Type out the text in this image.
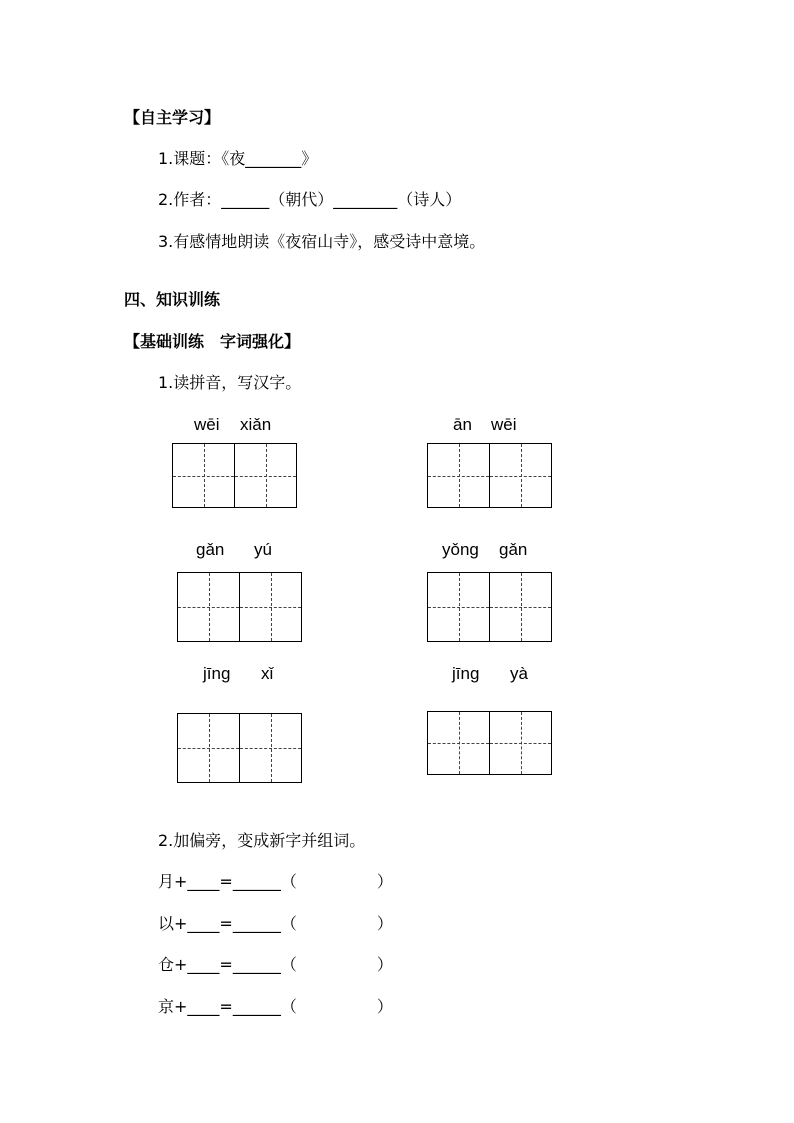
【自主学习】
1.课题：《夜_______》
2.作者：______（朝代）________（诗人）
3.有感情地朗读《夜宿山寺》，感受诗中意境。
四、知识训练
【基础训练　字词强化】
1.读拼音，写汉字。
wēi xiǎn	ān wēi
gǎn yú	yǒng gǎn
jīng xǐ	jīng yà
2.加偏旁，变成新字并组词。
月+____=______（　　　　　）
以+____=______（　　　　　）
仓+____=______（　　　　　）
京+____=______（　　　　　）
